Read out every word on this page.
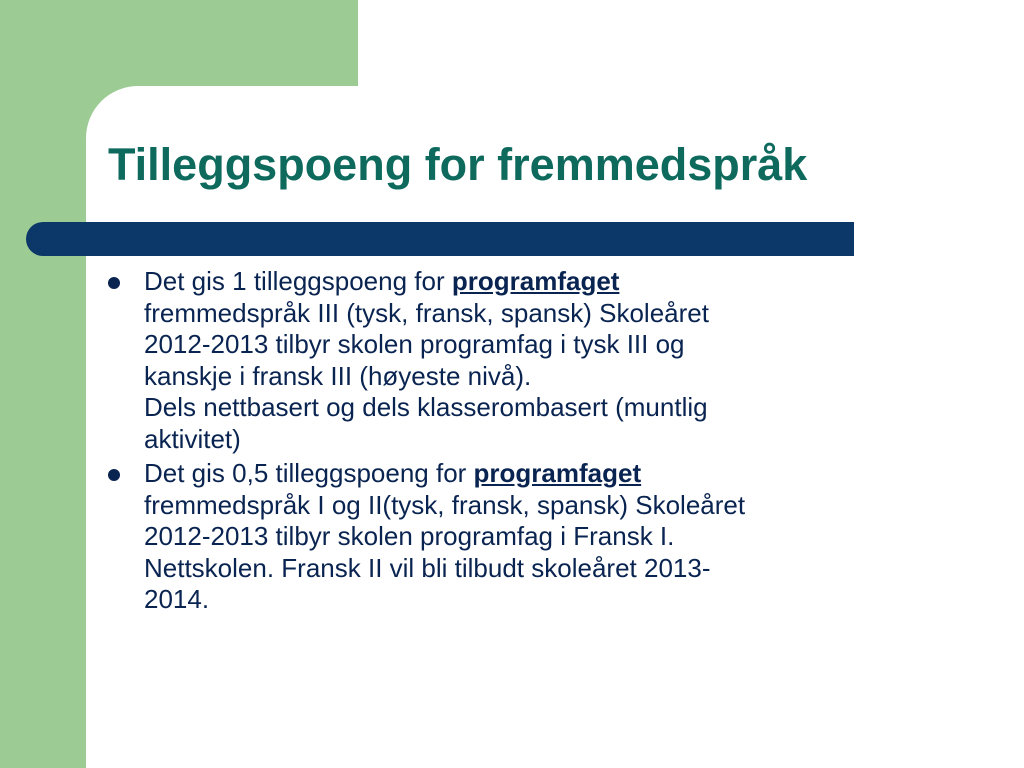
Tilleggspoeng for fremmedspråk
Det gis 1 tilleggspoeng for programfaget
fremmedspråk III (tysk, fransk, spansk) Skoleåret
2012-2013 tilbyr skolen programfag i tysk III og
kanskje i fransk III (høyeste nivå).
Dels nettbasert og dels klasserombasert (muntlig
aktivitet)
Det gis 0,5 tilleggspoeng for programfaget
fremmedspråk I og II(tysk, fransk, spansk) Skoleåret
2012-2013 tilbyr skolen programfag i Fransk I.
Nettskolen. Fransk II vil bli tilbudt skoleåret 2013-
2014.
